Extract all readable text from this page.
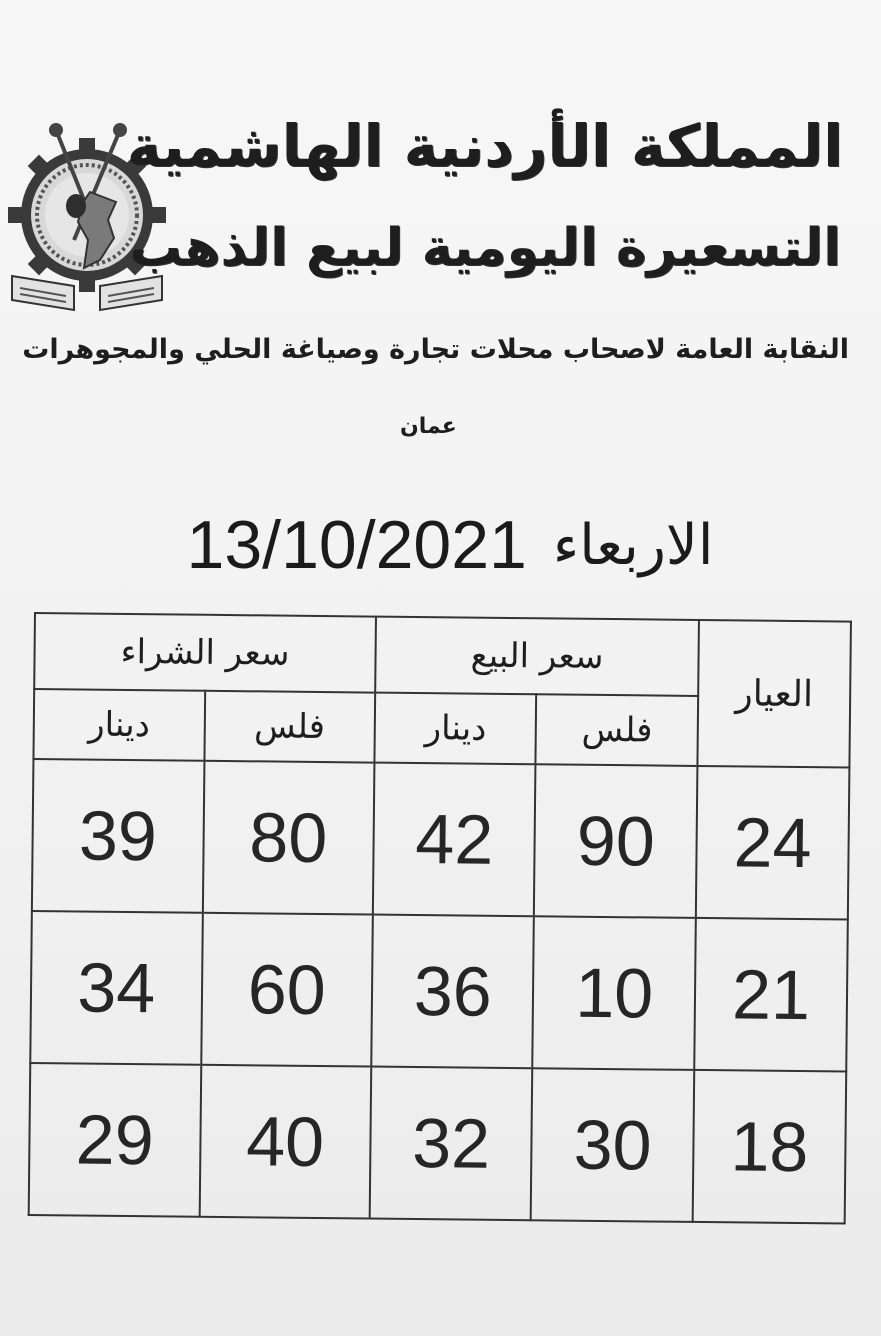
المملكة الأردنية الهاشمية
التسعيرة اليومية لبيع الذهب

النقابة العامة لاصحاب محلات تجارة وصياغة الحلي والمجوهرات

عمان

13/10/2021 الاربعاء
العيار	سعر البيع		سعر الشراء	
	فلس	دينار	فلس	دينار
24	90	42	80	39
21	10	36	60	34
18	30	32	40	29
